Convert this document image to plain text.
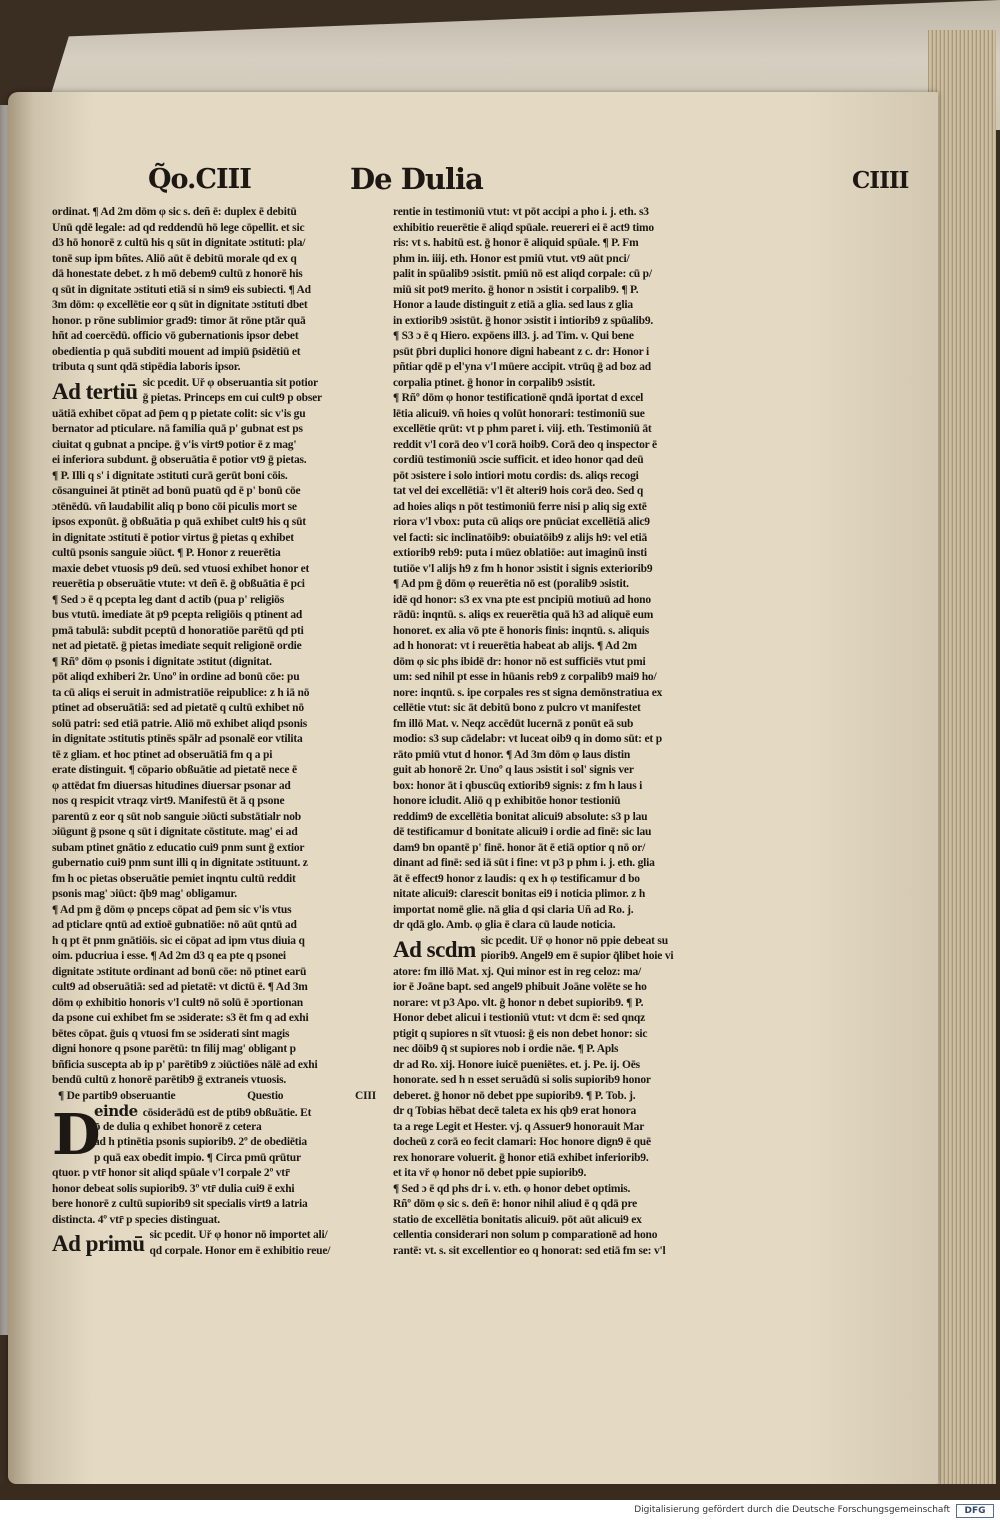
Q̃o.CIII	De Dulia	CIIII
ordinat. ¶ Ad 2m dōm φ sic s. deñ ē: duplex ē debitū
Unū qdē legale: ad qd reddendū hō lege cōpellit. et sic
d3 hō honorē z cultū his q sūt in dignitate ɔstituti: pla/
tonē sup ipm bñtes. Aliō aūt ē debitū morale qd ex q
dā honestate debet. z h mō debem9 cultū z honorē his
q sūt in dignitate ɔstituti etiā si n sim9 eis subiecti. ¶ Ad
3m dōm: φ excellētie eor q sūt in dignitate ɔstituti dbet
honor. p rōne sublimior grad9: timor āt rōne ptār quā
hñt ad coercēdū. officio vō gubernationis ipsor debet
obedientia p quā subditi mouent ad impiū p̄sidētiū et
tributa q sunt qdā stipēdia laboris ipsor.
Ad tertiū sic pcedit. Uř φ obseruantia sit potior
ḡ pietas. Princeps em cui cult9 p obser
uātiā exhibet cōpat ad p̄em q p pietate colit: sic v'is gu
bernator ad pticulare. nā familia quā p' gubnat est ps
ciuitat q gubnat a pncipe. ḡ v'is virt9 potior ē z mag'
ei inferiora subdunt. ḡ obseruātia ē potior vt9 ḡ pietas.
¶ P. Illi q s' i dignitate ɔstituti curā gerūt boni cōis.
cōsanguinei āt ptinēt ad bonū puatū qd ē p' bonū cōe
ɔtēnēdū. vñ laudabilit aliq p bono cōi piculis mort se
ipsos exponūt. ḡ obßuātia p quā exhibet cult9 his q sūt
in dignitate ɔstituti ē potior virtus ḡ pietas q exhibet
cultū psonis sanguie ɔiūct. ¶ P. Honor z reuerētia
maxie debet vtuosis p9 deū. sed vtuosi exhibet honor et
reuerētia p obseruātie vtute: vt deñ ē. ḡ obßuātia ē pci
¶ Sed ɔ ē q pcepta leg dant d actib (pua p' religiōs
bus vtutū. imediate āt p9 pcepta religiōis q ptinent ad
pmā tabulā: subdit pceptū d honoratiōe parētū qd pti
net ad pietatē. ḡ pietas imediate sequit religionē ordie
¶ Rñº dōm φ psonis i dignitate ɔstitut (dignitat.
pōt aliqd exhiberi 2r. Unoº in ordine ad bonū cōe: pu
ta cū aliqs ei seruit in admistratiōe reipublice: z h iā nō
ptinet ad obseruātiā: sed ad pietatē q cultū exhibet nō
solū patri: sed etiā patrie. Aliō mō exhibet aliqd psonis
in dignitate ɔstitutis ptinēs spālr ad psonalē eor vtilita
tē z gliam. et hoc ptinet ad obseruātiā fm q a pi
erate distinguit. ¶ cōpario obßuātie ad pietatē nece ē
φ attēdat fm diuersas hitudines diuersar psonar ad
nos q respicit vtraqz virt9. Manifestū ēt ā q psone
parentū z eor q sūt nob sanguie ɔiūcti substātialr nob
ɔiūgunt ḡ psone q sūt i dignitate cōstitute. mag' ei ad
subam ptinet gnātio z educatio cui9 pnm sunt ḡ extior
gubernatio cui9 pnm sunt illi q in dignitate ɔstituunt. z
fm h oc pietas obseruātie pemiet inqntu cultū reddit
psonis mag' ɔiūct: q̃b9 mag' obligamur.
¶ Ad pm ḡ dōm φ pnceps cōpat ad p̄em sic v'is vtus
ad pticlare qntū ad extioē gubnatiōe: nō aūt qntū ad
h q pt ēt pnm gnātiōis. sic ei cōpat ad ipm vtus diuia q
oim. pducriua i esse. ¶ Ad 2m d3 q ea pte q psonei
dignitate ɔstitute ordinant ad bonū cōe: nō ptinet earū
cult9 ad obseruātiā: sed ad pietatē: vt dictū ē. ¶ Ad 3m
dōm φ exhibitio honoris v'l cult9 nō solū ē ɔportionan
da psone cui exhibet fm se ɔsiderate: s3 ēt fm q ad exhi
bētes cōpat. ḡuis q vtuosi fm se ɔsiderati sint magis
digni honore q psone parētū: tn filij mag' obligant p
bñficia suscepta ab ip p' parētib9 z ɔiūctiōes nālē ad exhi
bendū cultū z honorē parētib9 ḡ extraneis vtuosis.
¶ De partib9 obseruantie	Questio	CIII
D
einde cōsiderādū est de ptib9 obßuātie. Et
p̄ de dulia q exhibet honorē z cetera
ad h ptinētia psonis supiorib9. 2º de obediētia
p quā eax obedit impio. ¶ Circa pmū qrūtur
qtuor. p vtr̄ honor sit aliqd spūale v'l corpale 2º vtr̄
honor debeat solis supiorib9. 3º vtr̄ dulia cui9 ē exhi
bere honorē z cultū supiorib9 sit specialis virt9 a latria
distincta. 4º vtr̄ p species distinguat.
Ad primū sic pcedit. Uř φ honor nō importet ali/
qd corpale. Honor em ē exhibitio reue/
rentie in testimoniū vtut: vt pōt accipi a pho i. j. eth. s3
exhibitio reuerētie ē aliqd spūale. reuereri ei ē act9 timo
ris: vt s. habitū est. ḡ honor ē aliquid spūale. ¶ P. Fm
phm in. iiij. eth. Honor est pmiū vtut. vt9 aūt pnci/
palit in spūalib9 ɔsistit. pmiū nō est aliqd corpale: cū p/
miū sit pot9 merito. ḡ honor n ɔsistit i corpalib9. ¶ P.
Honor a laude distinguit z etiā a glia. sed laus z glia
in extiorib9 ɔsistūt. ḡ honor ɔsistit i intiorib9 z spūalib9.
¶ S3 ɔ ē q Hiero. expōens ill3. j. ad Tim. v. Qui bene
psūt p̄bri duplici honore digni habeant z c. dr: Honor i
pñtiar qdē p el'yna v'l mūere accipit. vtrūq ḡ ad boz ad
corpalia ptinet. ḡ honor in corpalib9 ɔsistit.
¶ Rñº dōm φ honor testificationē qndā iportat d excel
lētia alicui9. vñ hoies q volūt honorari: testimoniū sue
excellētie qrūt: vt p phm paret i. viij. eth. Testimoniū āt
reddit v'l corā deo v'l corā hoib9. Corā deo q inspector ē
cordiū testimoniū ɔscie sufficit. et ideo honor qad deū
pōt ɔsistere i solo intiori motu cordis: ds. aliqs recogi
tat vel dei excellētiā: v'l ēt alteri9 hois corā deo. Sed q
ad hoies aliqs n pōt testimoniū ferre nisi p aliq sig extē
riora v'l vbox: puta cū aliqs ore pnūciat excellētiā alic9
vel facti: sic inclinatōib9: obuiatōib9 z alijs h9: vel etiā
extiorib9 reb9: puta i mūez oblatiōe: aut imaginū insti
tutiōe v'l alijs h9 z fm h honor ɔsistit i signis exteriorib9
¶ Ad pm ḡ dōm φ reuerētia nō est (poralib9 ɔsistit.
idē qd honor: s3 ex vna pte est pncipiū motiuū ad hono
rādū: inqntū. s. aliqs ex reuerētia quā h3 ad aliquē eum
honoret. ex alia vō pte ē honoris finis: inqntū. s. aliquis
ad h honorat: vt i reuerētia habeat ab alijs. ¶ Ad 2m
dōm φ sic phs ibidē dr: honor nō est sufficiēs vtut pmi
um: sed nihil pt esse in hūanis reb9 z corpalib9 mai9 ho/
nore: inqntū. s. ipe corpales res st signa demōnstratiua ex
cellētie vtut: sic āt debitū bono z pulcro vt manifestet
fm illō Mat. v. Neqz accēdūt lucernā z ponūt eā sub
modio: s3 sup cādelabr: vt luceat oib9 q in domo sūt: et p
rāto pmiū vtut d honor. ¶ Ad 3m dōm φ laus distin
guit ab honorē 2r. Unoº q laus ɔsistit i sol' signis ver
box: honor āt i qbuscūq extiorib9 signis: z fm h laus i
honore icludit. Aliō q p exhibitōe honor testioniū
reddim9 de excellētia bonitat alicui9 absolute: s3 p lau
dē testificamur d bonitate alicui9 i ordie ad finē: sic lau
dam9 bn opantē p' finē. honor āt ē etiā optior q nō or/
dinant ad finē: sed iā sūt i fine: vt p3 p phm i. j. eth. glia
āt ē effect9 honor z laudis: q ex h φ testificamur d bo
nitate alicui9: clarescit bonitas ei9 i noticia plimor. z h
importat nomē glie. nā glia d qsi claria Uñ ad Ro. j.
dr qdā glo. Amb. φ glia ē clara cū laude noticia.
Ad scdm sic pcedit. Uř φ honor nō ppie debeat su
piorib9. Angel9 em ē supior q̃libet hoie vi
atore: fm illō Mat. xj. Qui minor est in reg celoz: ma/
ior ē Joāne bapt. sed angel9 phibuit Joāne volēte se ho
norare: vt p3 Apo. vlt. ḡ honor n debet supiorib9. ¶ P.
Honor debet alicui i testioniū vtut: vt dcm ē: sed qnqz
ptigit q supiores n sīt vtuosi: ḡ eis non debet honor: sic
nec dōib9 q̄ st supiores nob i ordie nāe. ¶ P. Apls
dr ad Ro. xij. Honore iuicē pueniētes. et. j. Pe. ij. Oēs
honorate. sed h n esset seruādū si solis supiorib9 honor
deberet. ḡ honor nō debet ppe supiorib9. ¶ P. Tob. j.
dr q Tobias hēbat decē taleta ex his qb9 erat honora
ta a rege Legit et Hester. vj. q Assuer9 honorauit Mar
docheū z corā eo fecit clamari: Hoc honore dign9 ē quē
rex honorare voluerit. ḡ honor etiā exhibet inferiorib9.
et ita vř φ honor nō debet ppie supiorib9.
¶ Sed ɔ ē qd phs dr i. v. eth. φ honor debet optimis.
Rñº dōm φ sic s. deñ ē: honor nihil aliud ē q qdā pre
statio de excellētia bonitatis alicui9. pōt aūt alicui9 ex
cellentia considerari non solum p comparationē ad hono
rantē: vt. s. sit excellentior eo q honorat: sed etiā fm se: v'l
Digitalisierung gefördert durch die Deutsche Forschungsgemeinschaft	DFG
